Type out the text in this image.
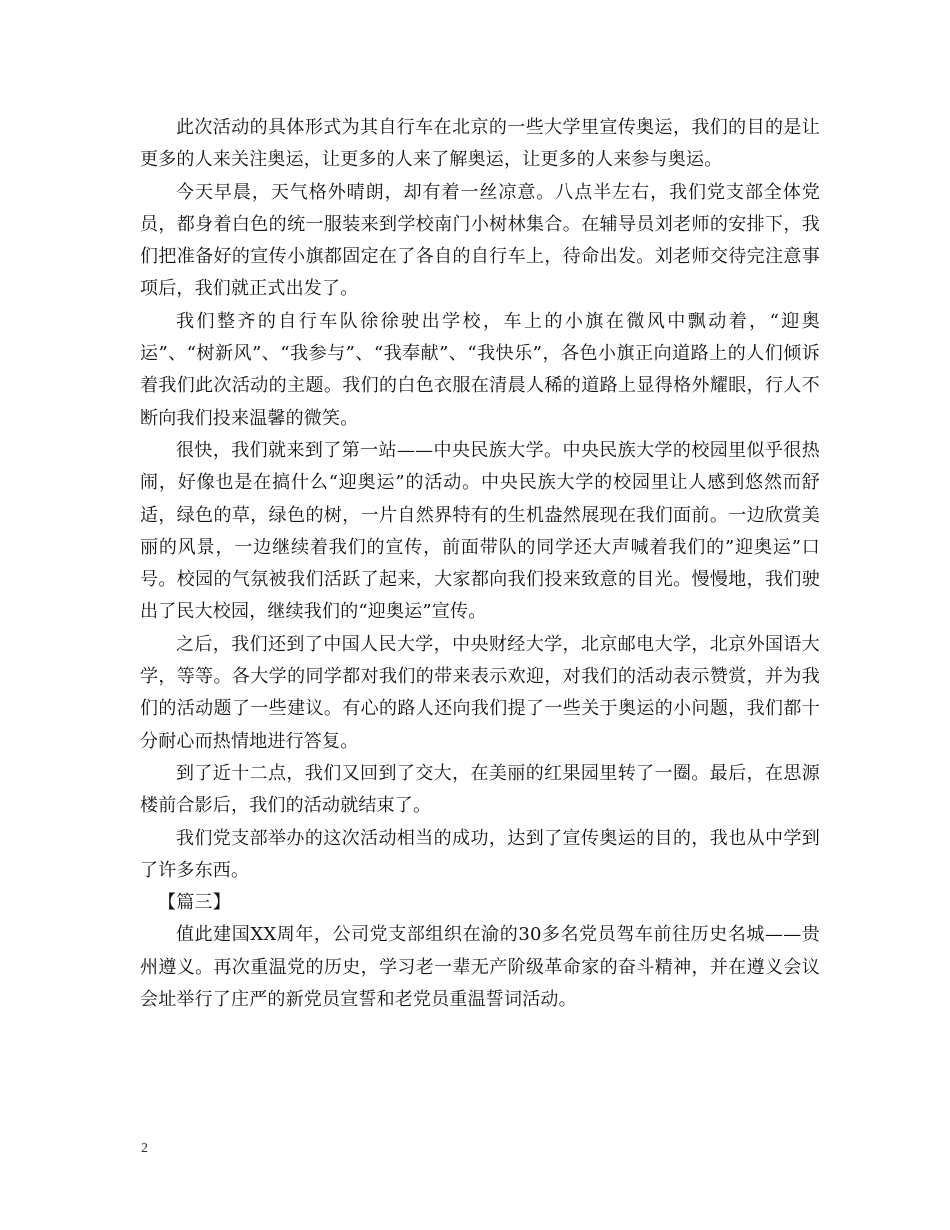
此次活动的具体形式为其自行车在北京的一些大学里宣传奥运，我们的目的是让更多的人来关注奥运，让更多的人来了解奥运，让更多的人来参与奥运。

今天早晨，天气格外晴朗，却有着一丝凉意。八点半左右，我们党支部全体党员，都身着白色的统一服装来到学校南门小树林集合。在辅导员刘老师的安排下，我们把准备好的宣传小旗都固定在了各自的自行车上，待命出发。刘老师交待完注意事项后，我们就正式出发了。

我们整齐的自行车队徐徐驶出学校，车上的小旗在微风中飘动着，“迎奥运”、“树新风”、“我参与”、“我奉献”、“我快乐”，各色小旗正向道路上的人们倾诉着我们此次活动的主题。我们的白色衣服在清晨人稀的道路上显得格外耀眼，行人不断向我们投来温馨的微笑。

很快，我们就来到了第一站——中央民族大学。中央民族大学的校园里似乎很热闹，好像也是在搞什么“迎奥运”的活动。中央民族大学的校园里让人感到悠然而舒适，绿色的草，绿色的树，一片自然界特有的生机盎然展现在我们面前。一边欣赏美丽的风景，一边继续着我们的宣传，前面带队的同学还大声喊着我们的”迎奥运”口号。校园的气氛被我们活跃了起来，大家都向我们投来致意的目光。慢慢地，我们驶出了民大校园，继续我们的“迎奥运”宣传。

之后，我们还到了中国人民大学，中央财经大学，北京邮电大学，北京外国语大学，等等。各大学的同学都对我们的带来表示欢迎，对我们的活动表示赞赏，并为我们的活动题了一些建议。有心的路人还向我们提了一些关于奥运的小问题，我们都十分耐心而热情地进行答复。

到了近十二点，我们又回到了交大，在美丽的红果园里转了一圈。最后，在思源楼前合影后，我们的活动就结束了。

我们党支部举办的这次活动相当的成功，达到了宣传奥运的目的，我也从中学到了许多东西。

【篇三】

值此建国XX周年，公司党支部组织在渝的30多名党员驾车前往历史名城——贵州遵义。再次重温党的历史，学习老一辈无产阶级革命家的奋斗精神，并在遵义会议会址举行了庄严的新党员宣誓和老党员重温誓词活动。

2
